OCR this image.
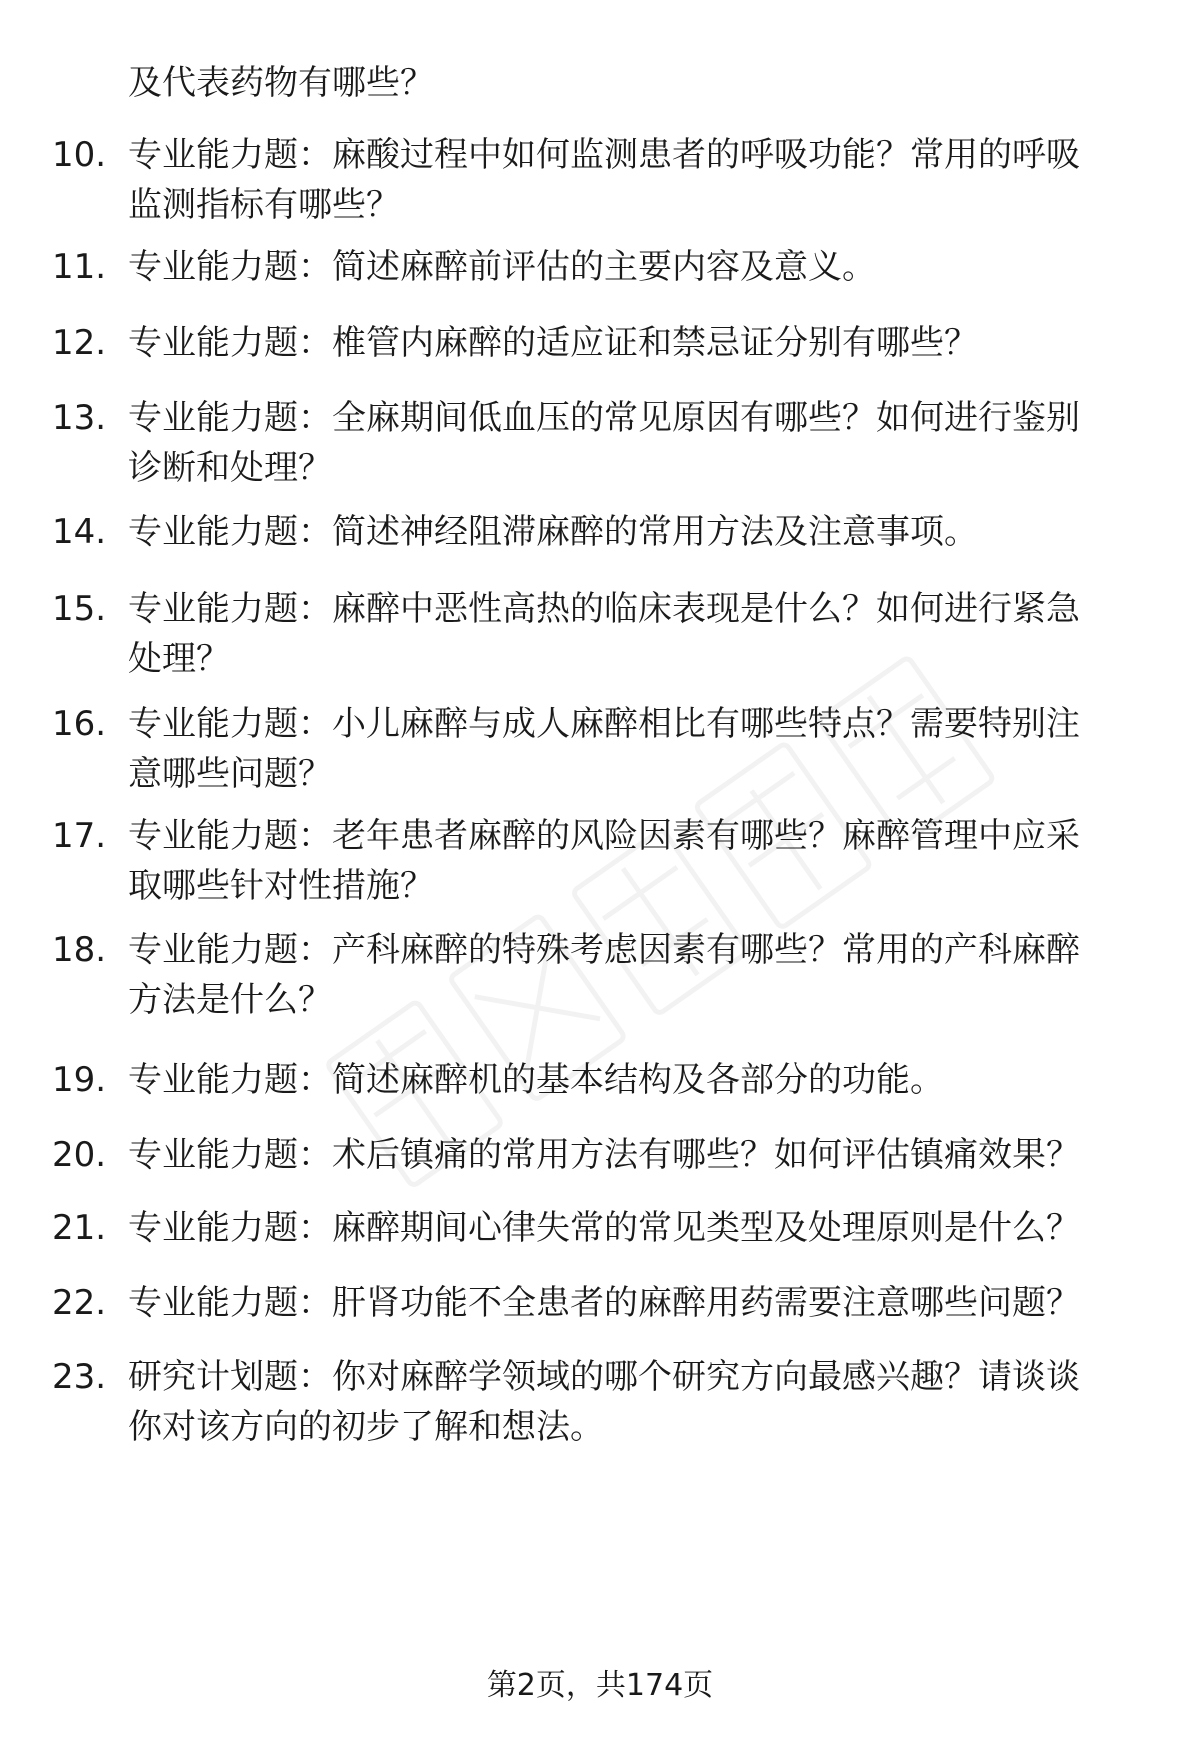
及代表药物有哪些？
10. 专业能力题：麻酸过程中如何监测患者的呼吸功能？常用的呼吸
监测指标有哪些？
11. 专业能力题：简述麻醉前评估的主要内容及意义。
12. 专业能力题：椎管内麻醉的适应证和禁忌证分别有哪些？
13. 专业能力题：全麻期间低血压的常见原因有哪些？如何进行鉴别
诊断和处理？
14. 专业能力题：简述神经阻滞麻醉的常用方法及注意事项。
15. 专业能力题：麻醉中恶性高热的临床表现是什么？如何进行紧急
处理？
16. 专业能力题：小儿麻醉与成人麻醉相比有哪些特点？需要特别注
意哪些问题？
17. 专业能力题：老年患者麻醉的风险因素有哪些？麻醉管理中应采
取哪些针对性措施？
18. 专业能力题：产科麻醉的特殊考虑因素有哪些？常用的产科麻醉
方法是什么？
19. 专业能力题：简述麻醉机的基本结构及各部分的功能。
20. 专业能力题：术后镇痛的常用方法有哪些？如何评估镇痛效果？
21. 专业能力题：麻醉期间心律失常的常见类型及处理原则是什么？
22. 专业能力题：肝肾功能不全患者的麻醉用药需要注意哪些问题？
23. 研究计划题：你对麻醉学领域的哪个研究方向最感兴趣？请谈谈
你对该方向的初步了解和想法。
第2页，共174页
